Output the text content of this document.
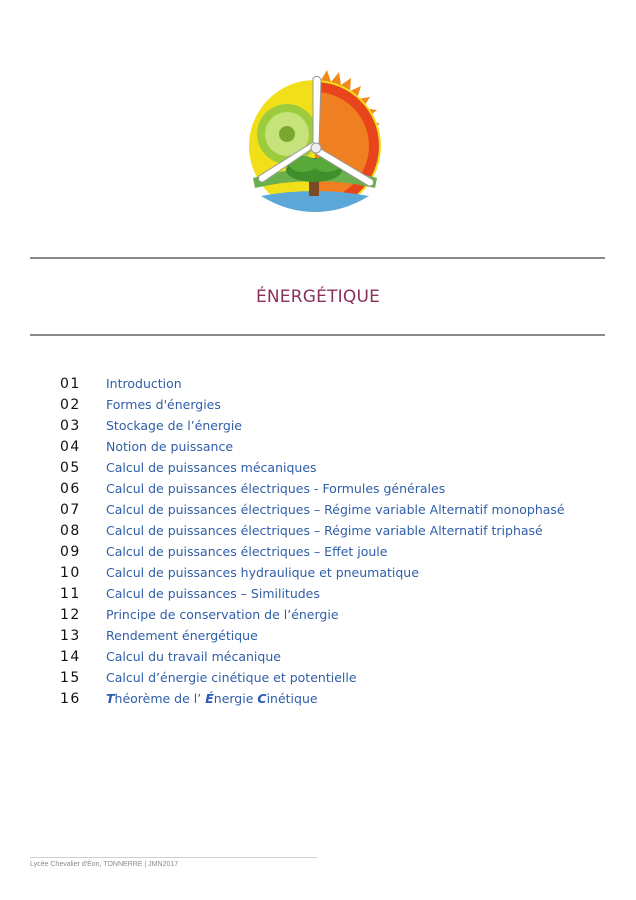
ÉNERGÉTIQUE
01	Introduction
02	Formes d'énergies
03	Stockage de l’énergie
04	Notion de puissance
05	Calcul de puissances mécaniques
06	Calcul de puissances électriques - Formules générales
07	Calcul de puissances électriques – Régime variable Alternatif monophasé
08	Calcul de puissances électriques – Régime variable Alternatif triphasé
09	Calcul de puissances électriques – Effet joule
10	Calcul de puissances hydraulique et pneumatique
11	Calcul de puissances – Similitudes
12	Principe de conservation de l’énergie
13	Rendement énergétique
14	Calcul du travail mécanique
15	Calcul d’énergie cinétique et potentielle
16	Théorème de l’ Énergie Cinétique
Lycée Chevalier d'Éon, TONNERRE | JMN2017
